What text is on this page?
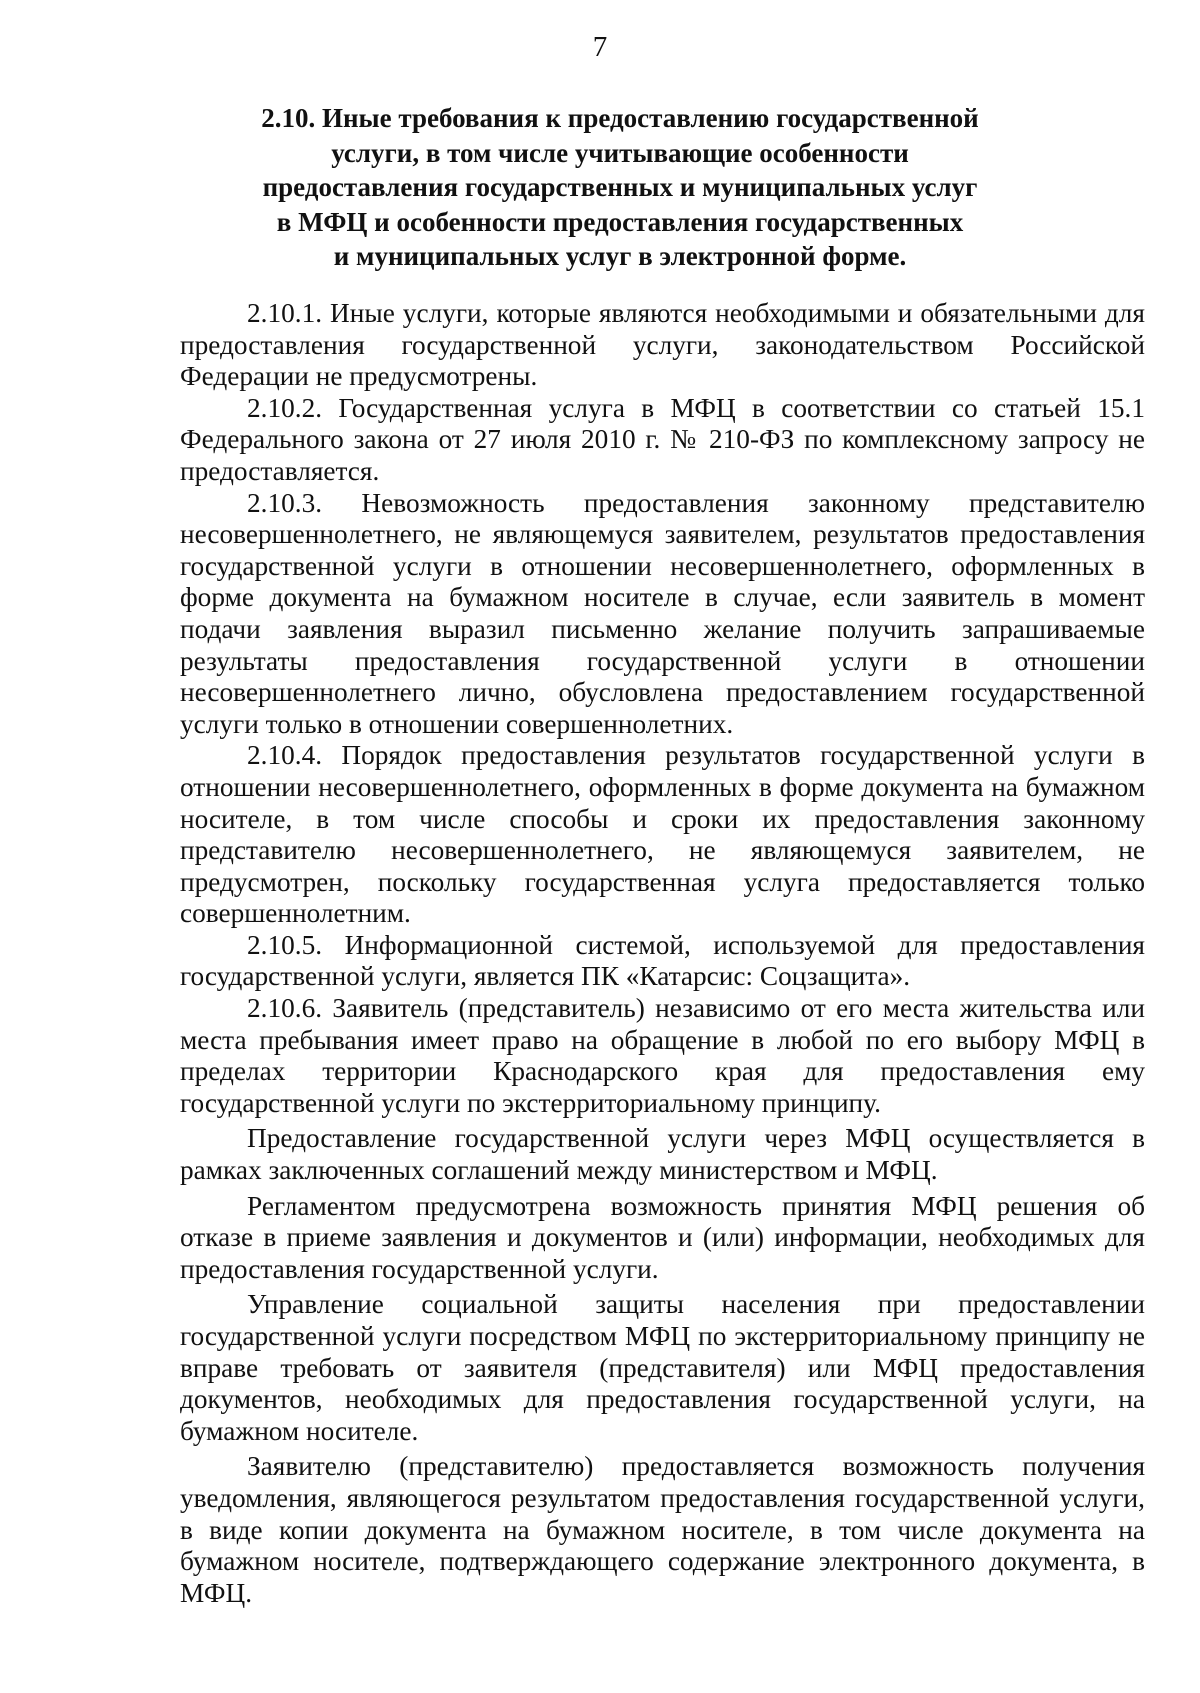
7
2.10. Иные требования к предоставлению государственной
услуги, в том числе учитывающие особенности
предоставления государственных и муниципальных услуг
в МФЦ и особенности предоставления государственных
и муниципальных услуг в электронной форме.

2.10.1. Иные услуги, которые являются необходимыми и обязательными для предоставления государственной услуги, законодательством Российской Федерации не предусмотрены.

2.10.2. Государственная услуга в МФЦ в соответствии со статьей 15.1 Федерального закона от 27 июля 2010 г. № 210-ФЗ по комплексному запросу не предоставляется.

2.10.3. Невозможность предоставления законному представителю несовершеннолетнего, не являющемуся заявителем, результатов предоставления государственной услуги в отношении несовершеннолетнего, оформленных в форме документа на бумажном носителе в случае, если заявитель в момент подачи заявления выразил письменно желание получить запрашиваемые результаты предоставления государственной услуги в отношении несовершеннолетнего лично, обусловлена предоставлением государственной услуги только в отношении совершеннолетних.

2.10.4. Порядок предоставления результатов государственной услуги в отношении несовершеннолетнего, оформленных в форме документа на бумажном носителе, в том числе способы и сроки их предоставления законному представителю несовершеннолетнего, не являющемуся заявителем, не предусмотрен, поскольку государственная услуга предоставляется только совершеннолетним.

2.10.5. Информационной системой, используемой для предоставления государственной услуги, является ПК «Катарсис: Соцзащита».

2.10.6. Заявитель (представитель) независимо от его места жительства или места пребывания имеет право на обращение в любой по его выбору МФЦ в пределах территории Краснодарского края для предоставления ему государственной услуги по экстерриториальному принципу.

Предоставление государственной услуги через МФЦ осуществляется в рамках заключенных соглашений между министерством и МФЦ.

Регламентом предусмотрена возможность принятия МФЦ решения об отказе в приеме заявления и документов и (или) информации, необходимых для предоставления государственной услуги.

Управление социальной защиты населения при предоставлении государственной услуги посредством МФЦ по экстерриториальному принципу не вправе требовать от заявителя (представителя) или МФЦ предоставления документов, необходимых для предоставления государственной услуги, на бумажном носителе.

Заявителю (представителю) предоставляется возможность получения уведомления, являющегося результатом предоставления государственной услуги, в виде копии документа на бумажном носителе, в том числе документа на бумажном носителе, подтверждающего содержание электронного документа, в МФЦ.
